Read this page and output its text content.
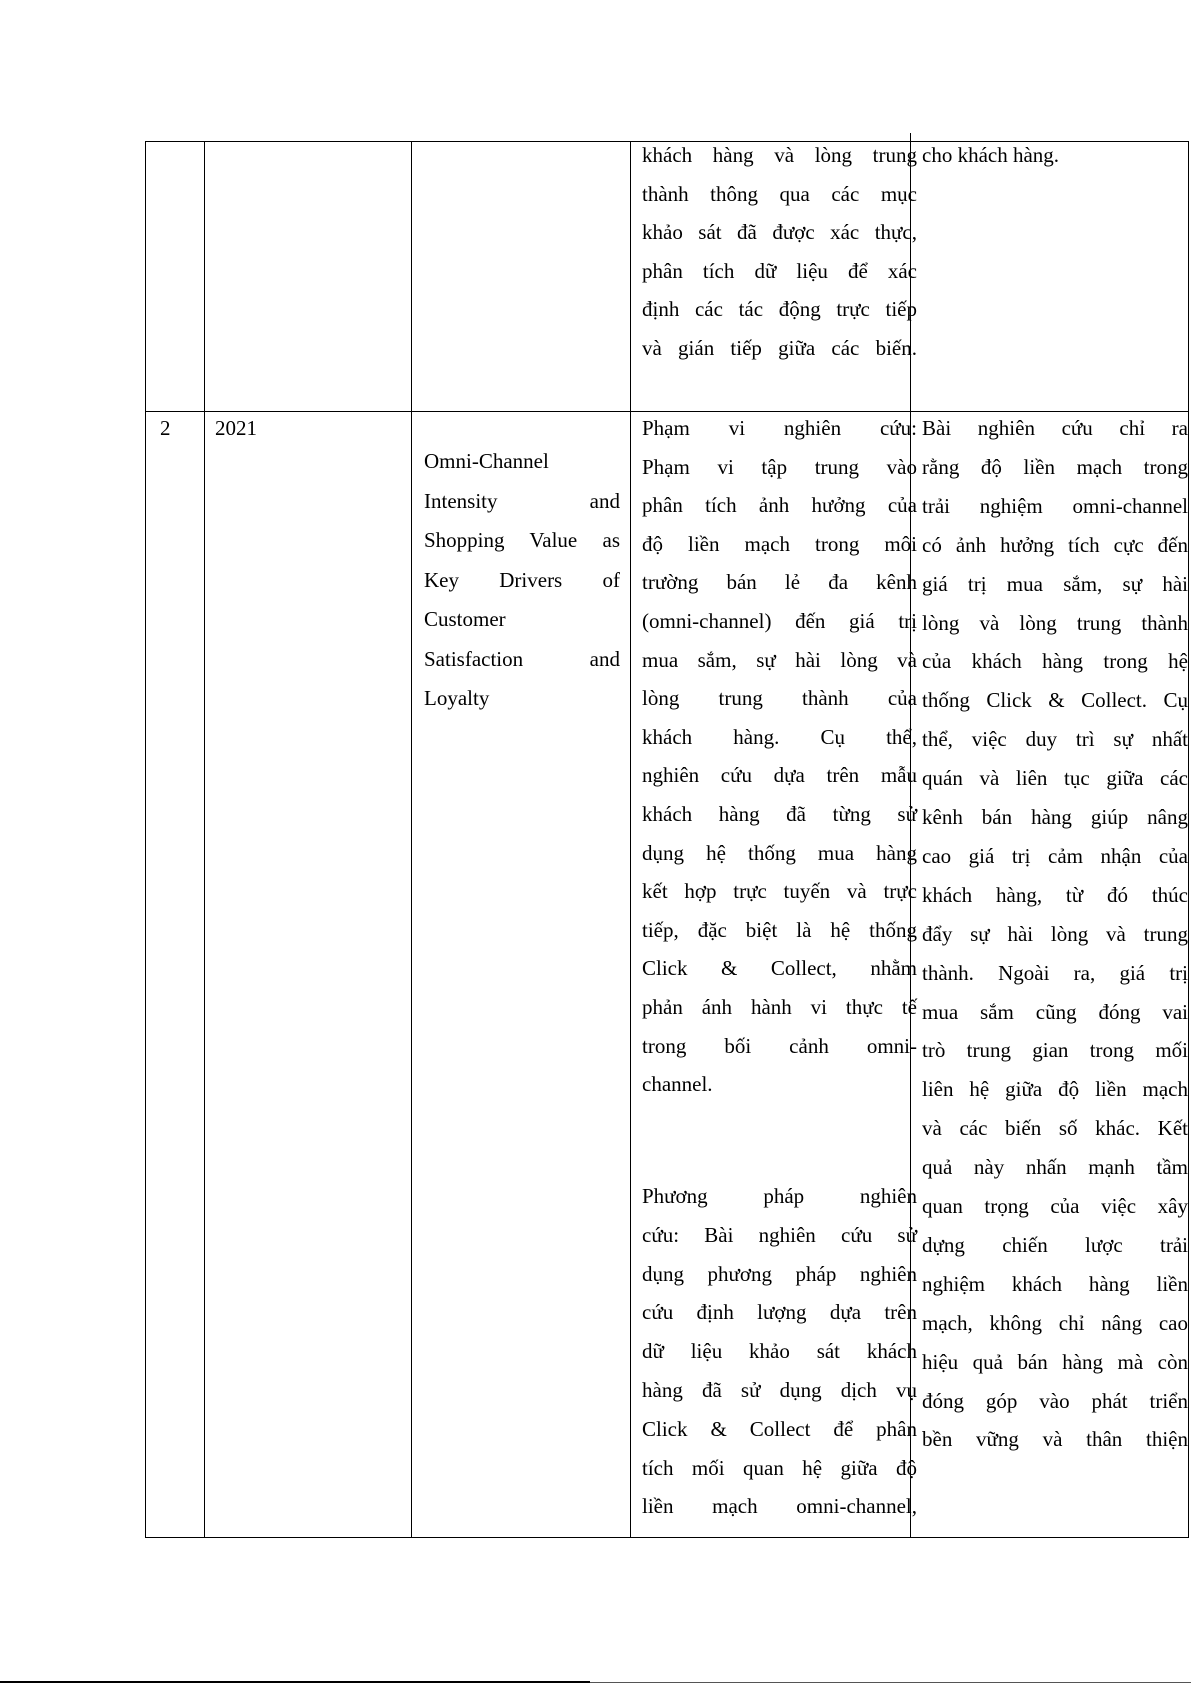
khách hàng và lòng trung
thành thông qua các mục
khảo sát đã được xác thực,
phân tích dữ liệu để xác
định các tác động trực tiếp
và gián tiếp giữa các biến.
cho khách hàng.
2 2021
Omni-Channel
Intensity and
Shopping Value as
Key Drivers of
Customer
Satisfaction and
Loyalty
Phạm vi nghiên cứu:
Phạm vi tập trung vào
phân tích ảnh hưởng của
độ liền mạch trong môi
trường bán lẻ đa kênh
(omni-channel) đến giá trị
mua sắm, sự hài lòng và
lòng trung thành của
khách hàng. Cụ thể,
nghiên cứu dựa trên mẫu
khách hàng đã từng sử
dụng hệ thống mua hàng
kết hợp trực tuyến và trực
tiếp, đặc biệt là hệ thống
Click & Collect, nhằm
phản ánh hành vi thực tế
trong bối cảnh omni-
channel.
Phương pháp nghiên
cứu: Bài nghiên cứu sử
dụng phương pháp nghiên
cứu định lượng dựa trên
dữ liệu khảo sát khách
hàng đã sử dụng dịch vụ
Click & Collect để phân
tích mối quan hệ giữa độ
liền mạch omni-channel,
Bài nghiên cứu chỉ ra
rằng độ liền mạch trong
trải nghiệm omni-channel
có ảnh hưởng tích cực đến
giá trị mua sắm, sự hài
lòng và lòng trung thành
của khách hàng trong hệ
thống Click & Collect. Cụ
thể, việc duy trì sự nhất
quán và liên tục giữa các
kênh bán hàng giúp nâng
cao giá trị cảm nhận của
khách hàng, từ đó thúc
đẩy sự hài lòng và trung
thành. Ngoài ra, giá trị
mua sắm cũng đóng vai
trò trung gian trong mối
liên hệ giữa độ liền mạch
và các biến số khác. Kết
quả này nhấn mạnh tầm
quan trọng của việc xây
dựng chiến lược trải
nghiệm khách hàng liền
mạch, không chỉ nâng cao
hiệu quả bán hàng mà còn
đóng góp vào phát triển
bền vững và thân thiện
